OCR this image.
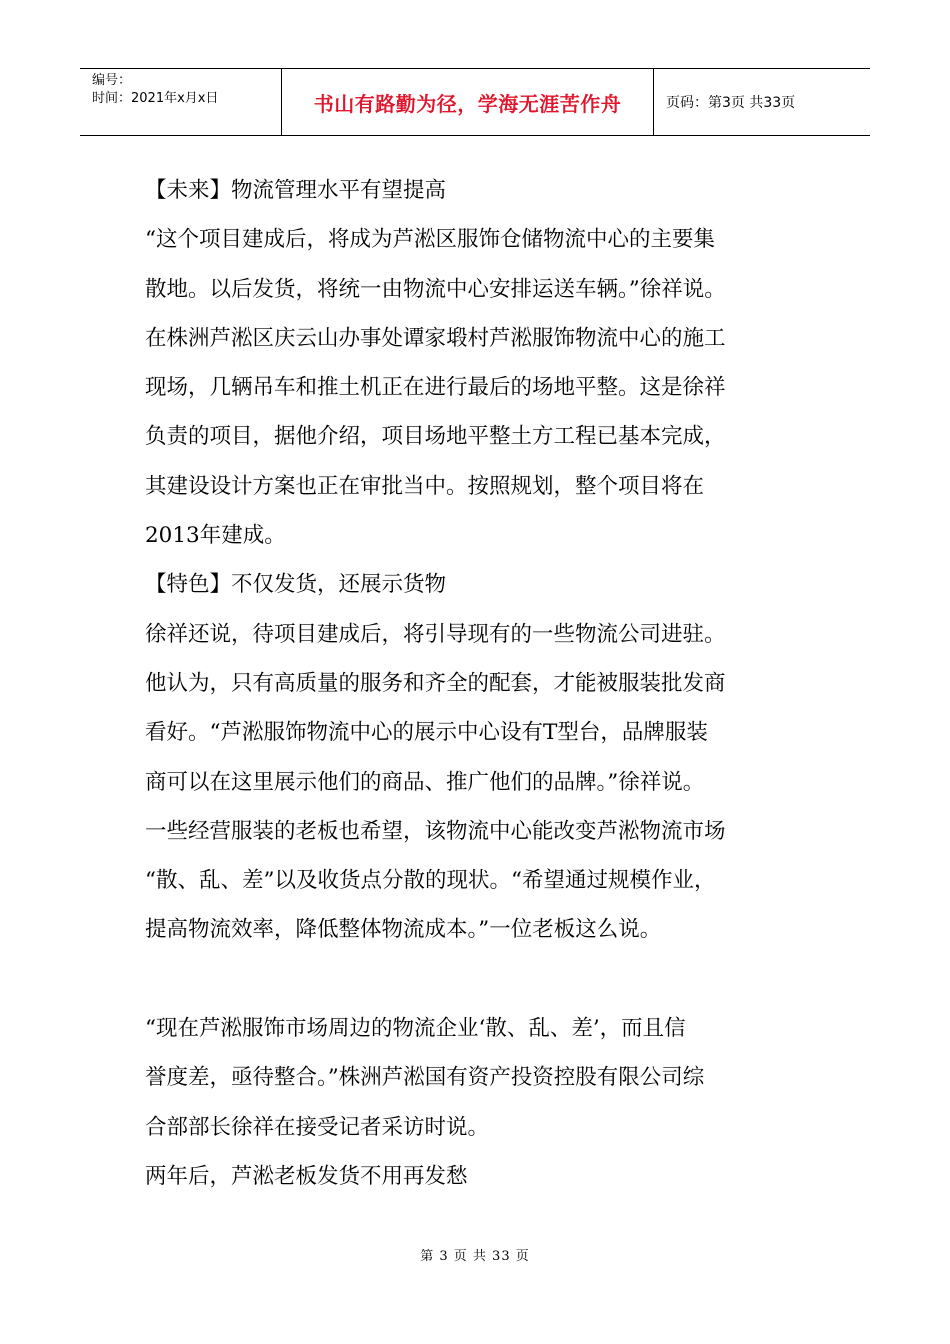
编号：
时间：2021年x月x日	书山有路勤为径，学海无涯苦作舟	页码：第3页 共33页

【未来】物流管理水平有望提高

“这个项目建成后，将成为芦淞区服饰仓储物流中心的主要集

散地。以后发货，将统一由物流中心安排运送车辆。”徐祥说。

在株洲芦淞区庆云山办事处谭家塅村芦淞服饰物流中心的施工

现场，几辆吊车和推土机正在进行最后的场地平整。这是徐祥

负责的项目，据他介绍，项目场地平整土方工程已基本完成，

其建设设计方案也正在审批当中。按照规划，整个项目将在

2013年建成。

【特色】不仅发货，还展示货物

徐祥还说，待项目建成后，将引导现有的一些物流公司进驻。

他认为，只有高质量的服务和齐全的配套，才能被服装批发商

看好。“芦淞服饰物流中心的展示中心设有T型台，品牌服装

商可以在这里展示他们的商品、推广他们的品牌。”徐祥说。

一些经营服装的老板也希望，该物流中心能改变芦淞物流市场

“散、乱、差”以及收货点分散的现状。“希望通过规模作业，

提高物流效率，降低整体物流成本。”一位老板这么说。

“现在芦淞服饰市场周边的物流企业‘散、乱、差’，而且信

誉度差，亟待整合。”株洲芦淞国有资产投资控股有限公司综

合部部长徐祥在接受记者采访时说。

两年后，芦淞老板发货不用再发愁

第 3 页 共 33 页
